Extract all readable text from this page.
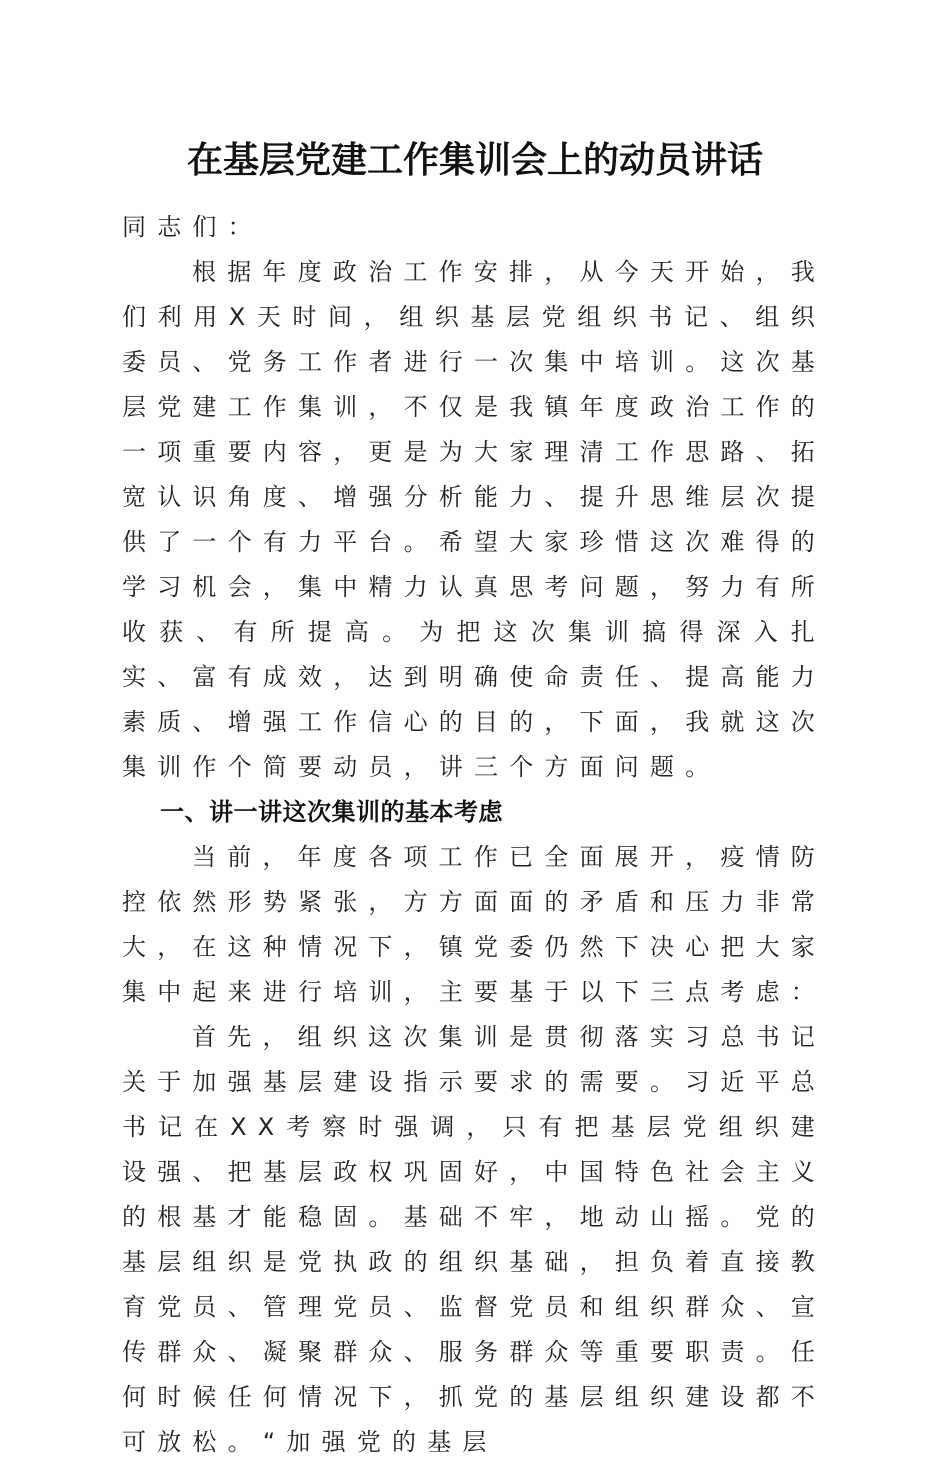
在基层党建工作集训会上的动员讲话

同志们：

根据年度政治工作安排，从今天开始，我们利用X天时间，组织基层党组织书记、组织委员、党务工作者进行一次集中培训。这次基层党建工作集训，不仅是我镇年度政治工作的一项重要内容，更是为大家理清工作思路、拓宽认识角度、增强分析能力、提升思维层次提供了一个有力平台。希望大家珍惜这次难得的学习机会，集中精力认真思考问题，努力有所收获、有所提高。为把这次集训搞得深入扎实、富有成效，达到明确使命责任、提高能力素质、增强工作信心的目的，下面，我就这次集训作个简要动员，讲三个方面问题。

一、讲一讲这次集训的基本考虑

当前，年度各项工作已全面展开，疫情防控依然形势紧张，方方面面的矛盾和压力非常大，在这种情况下，镇党委仍然下决心把大家集中起来进行培训，主要基于以下三点考虑：

首先，组织这次集训是贯彻落实习总书记关于加强基层建设指示要求的需要。习近平总书记在XX考察时强调，只有把基层党组织建设强、把基层政权巩固好，中国特色社会主义的根基才能稳固。基础不牢，地动山摇。党的基层组织是党执政的组织基础，担负着直接教育党员、管理党员、监督党员和组织群众、宣传群众、凝聚群众、服务群众等重要职责。任何时候任何情况下，抓党的基层组织建设都不可放松。“加强党的基层
